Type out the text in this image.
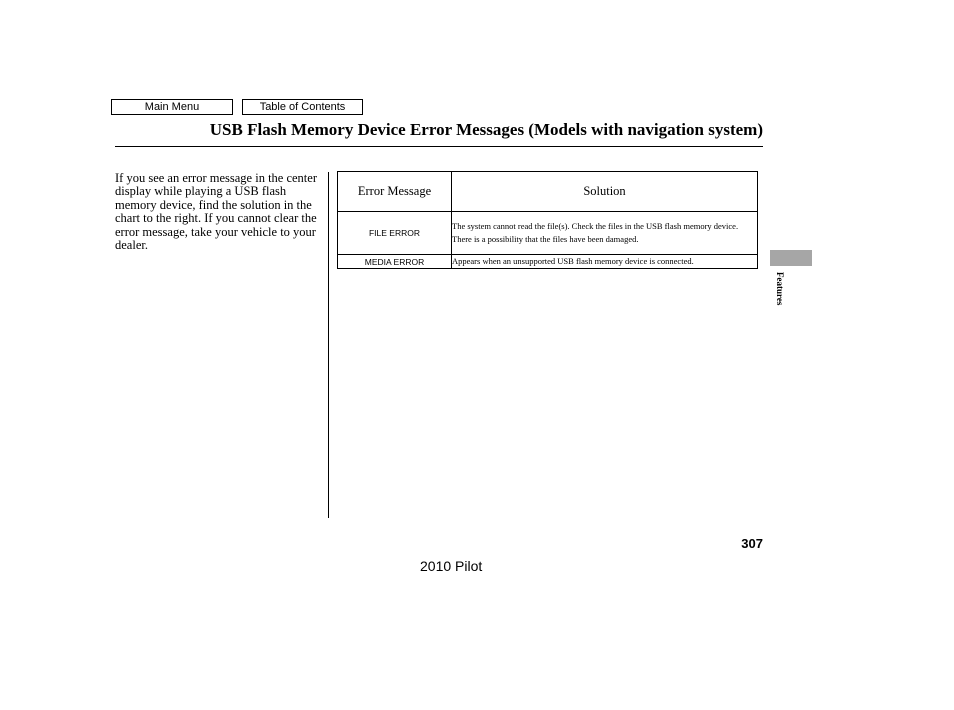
Main Menu	Table of Contents
USB Flash Memory Device Error Messages (Models with navigation system)
If you see an error message in the center display while playing a USB flash memory device, find the solution in the chart to the right. If you cannot clear the error message, take your vehicle to your dealer.
Error Message	Solution
FILE ERROR	The system cannot read the file(s). Check the files in the USB flash memory device. There is a possibility that the files have been damaged.
MEDIA ERROR	Appears when an unsupported USB flash memory device is connected.
Features
307
2010 Pilot
